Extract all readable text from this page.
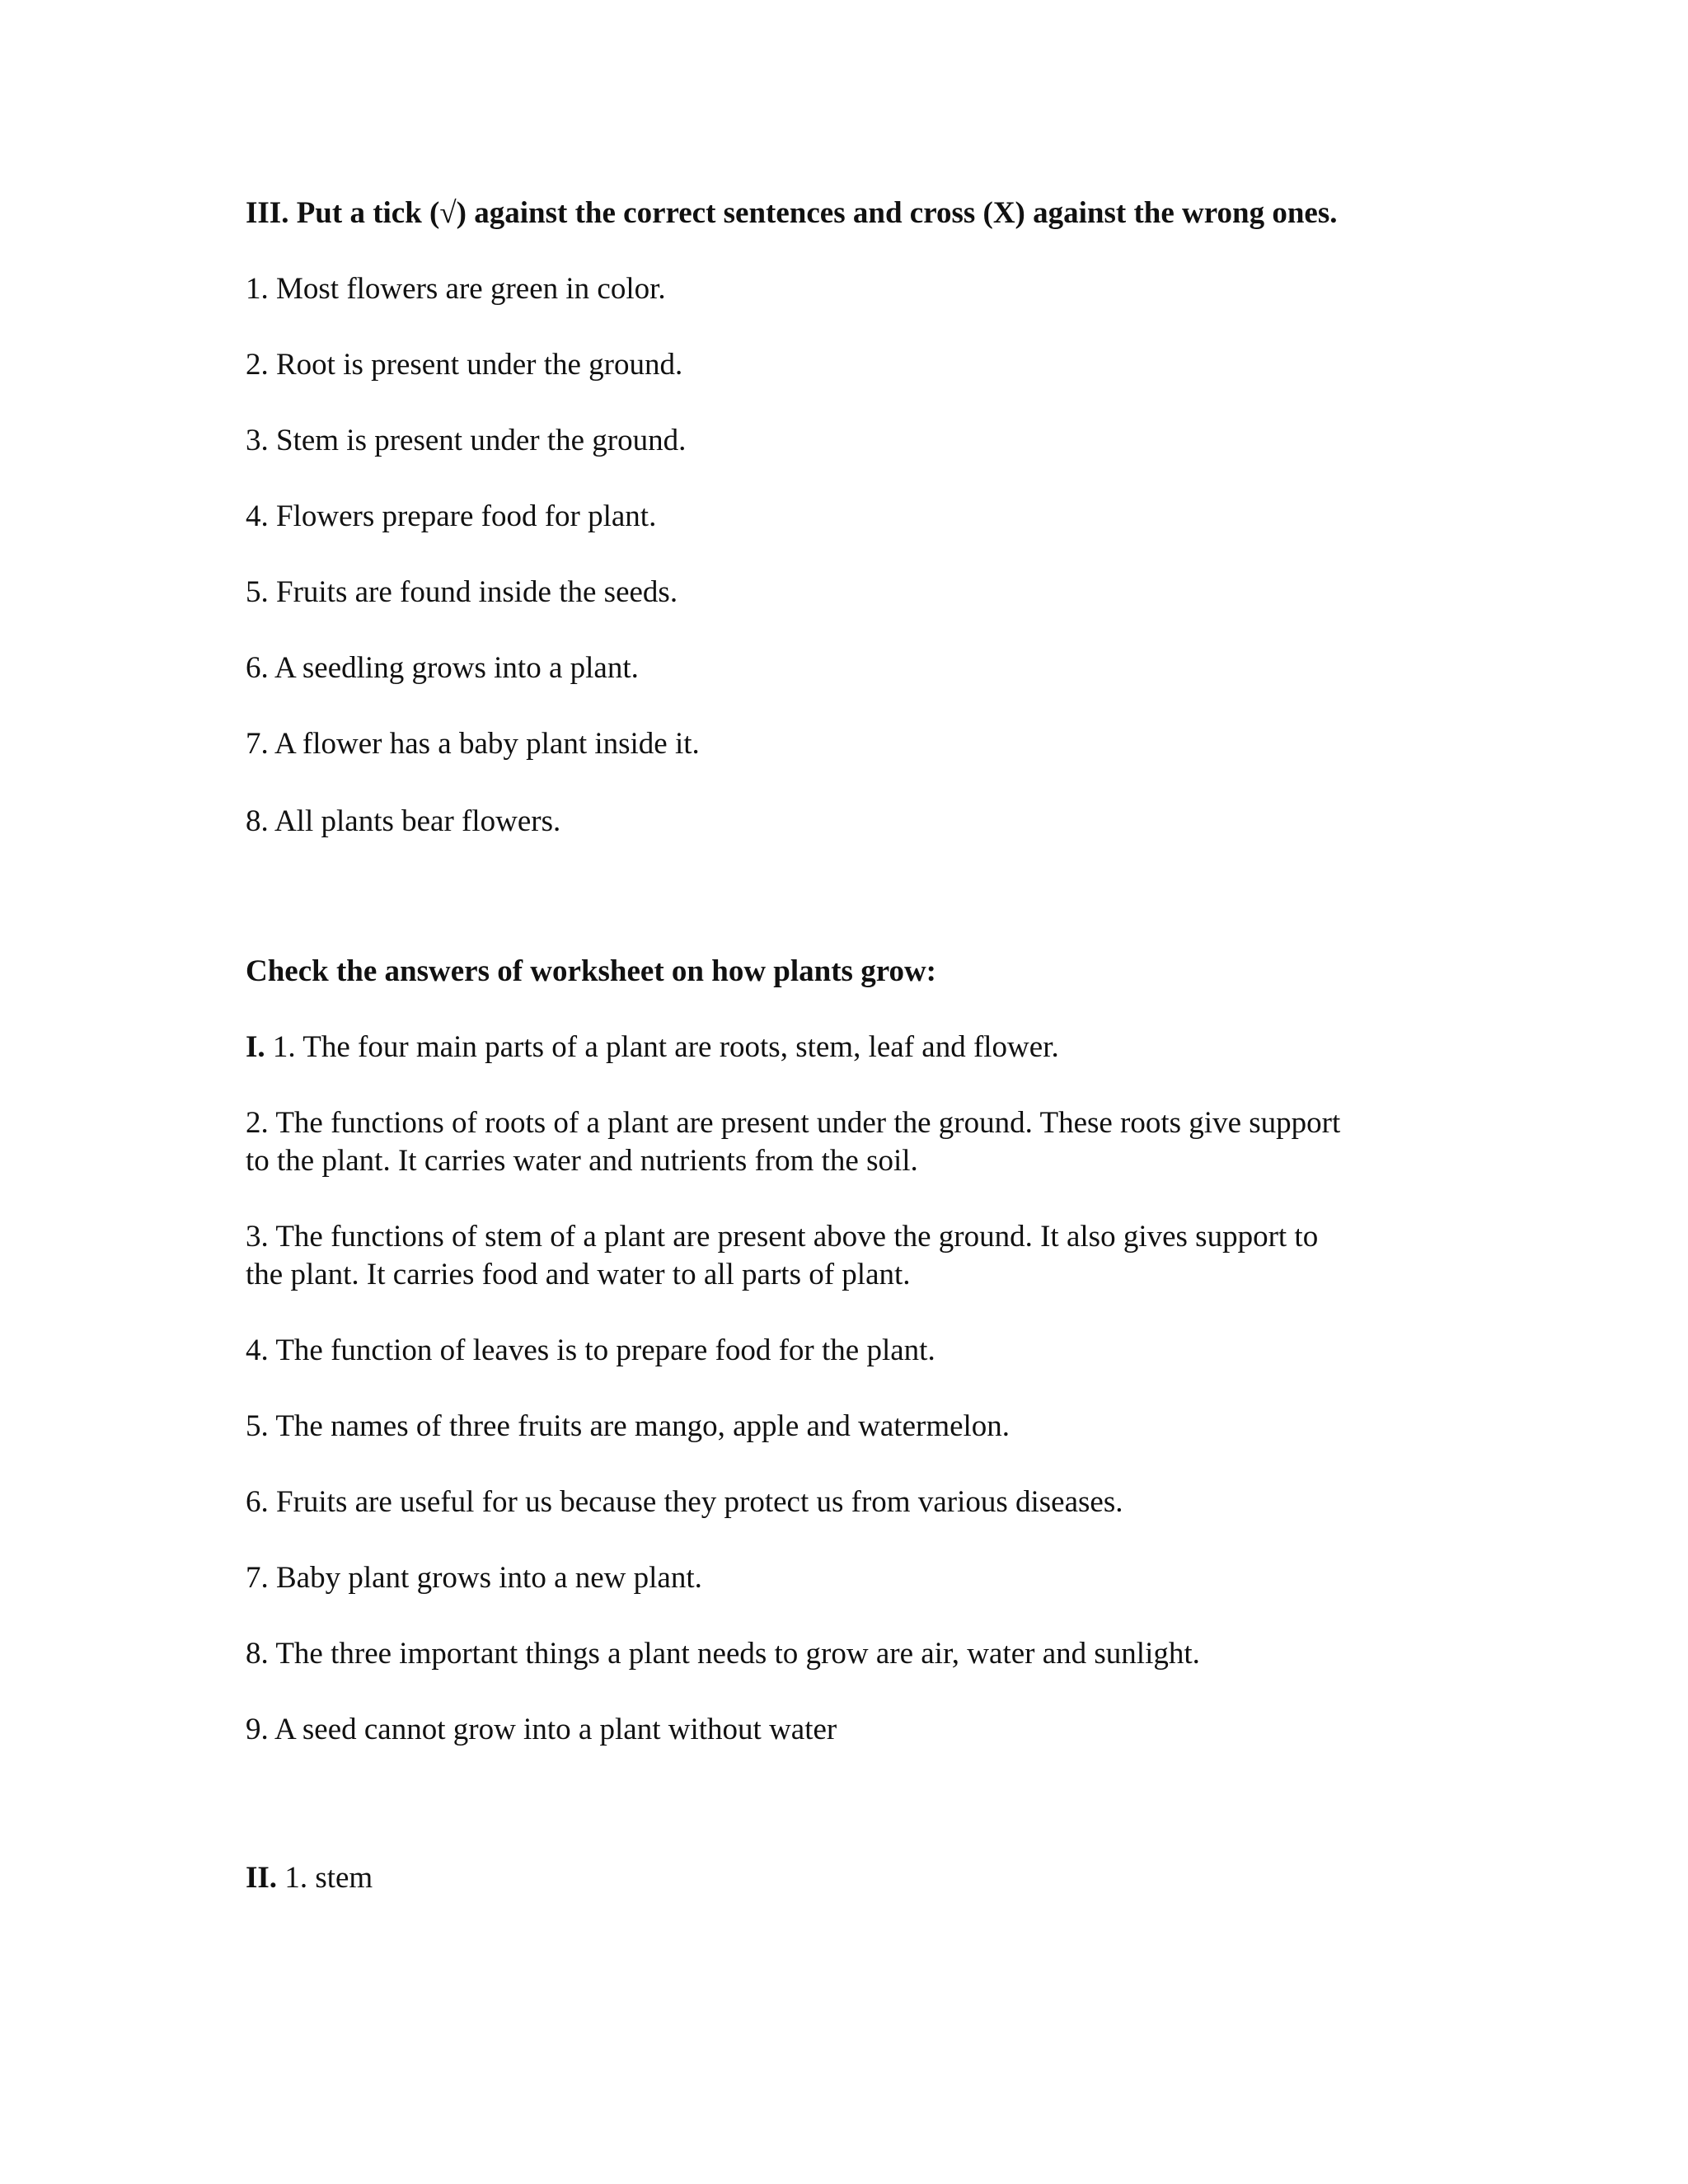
III. Put a tick (√) against the correct sentences and cross (X) against the wrong ones.

1. Most flowers are green in color.

2. Root is present under the ground.

3. Stem is present under the ground.

4. Flowers prepare food for plant.

5. Fruits are found inside the seeds.

6. A seedling grows into a plant.

7. A flower has a baby plant inside it.

8. All plants bear flowers.

Check the answers of worksheet on how plants grow:

I. 1. The four main parts of a plant are roots, stem, leaf and flower.

2. The functions of roots of a plant are present under the ground. These roots give support

to the plant. It carries water and nutrients from the soil.

3. The functions of stem of a plant are present above the ground. It also gives support to

the plant. It carries food and water to all parts of plant.

4. The function of leaves is to prepare food for the plant.

5. The names of three fruits are mango, apple and watermelon.

6. Fruits are useful for us because they protect us from various diseases.

7. Baby plant grows into a new plant.

8. The three important things a plant needs to grow are air, water and sunlight.

9. A seed cannot grow into a plant without water

II. 1. stem
